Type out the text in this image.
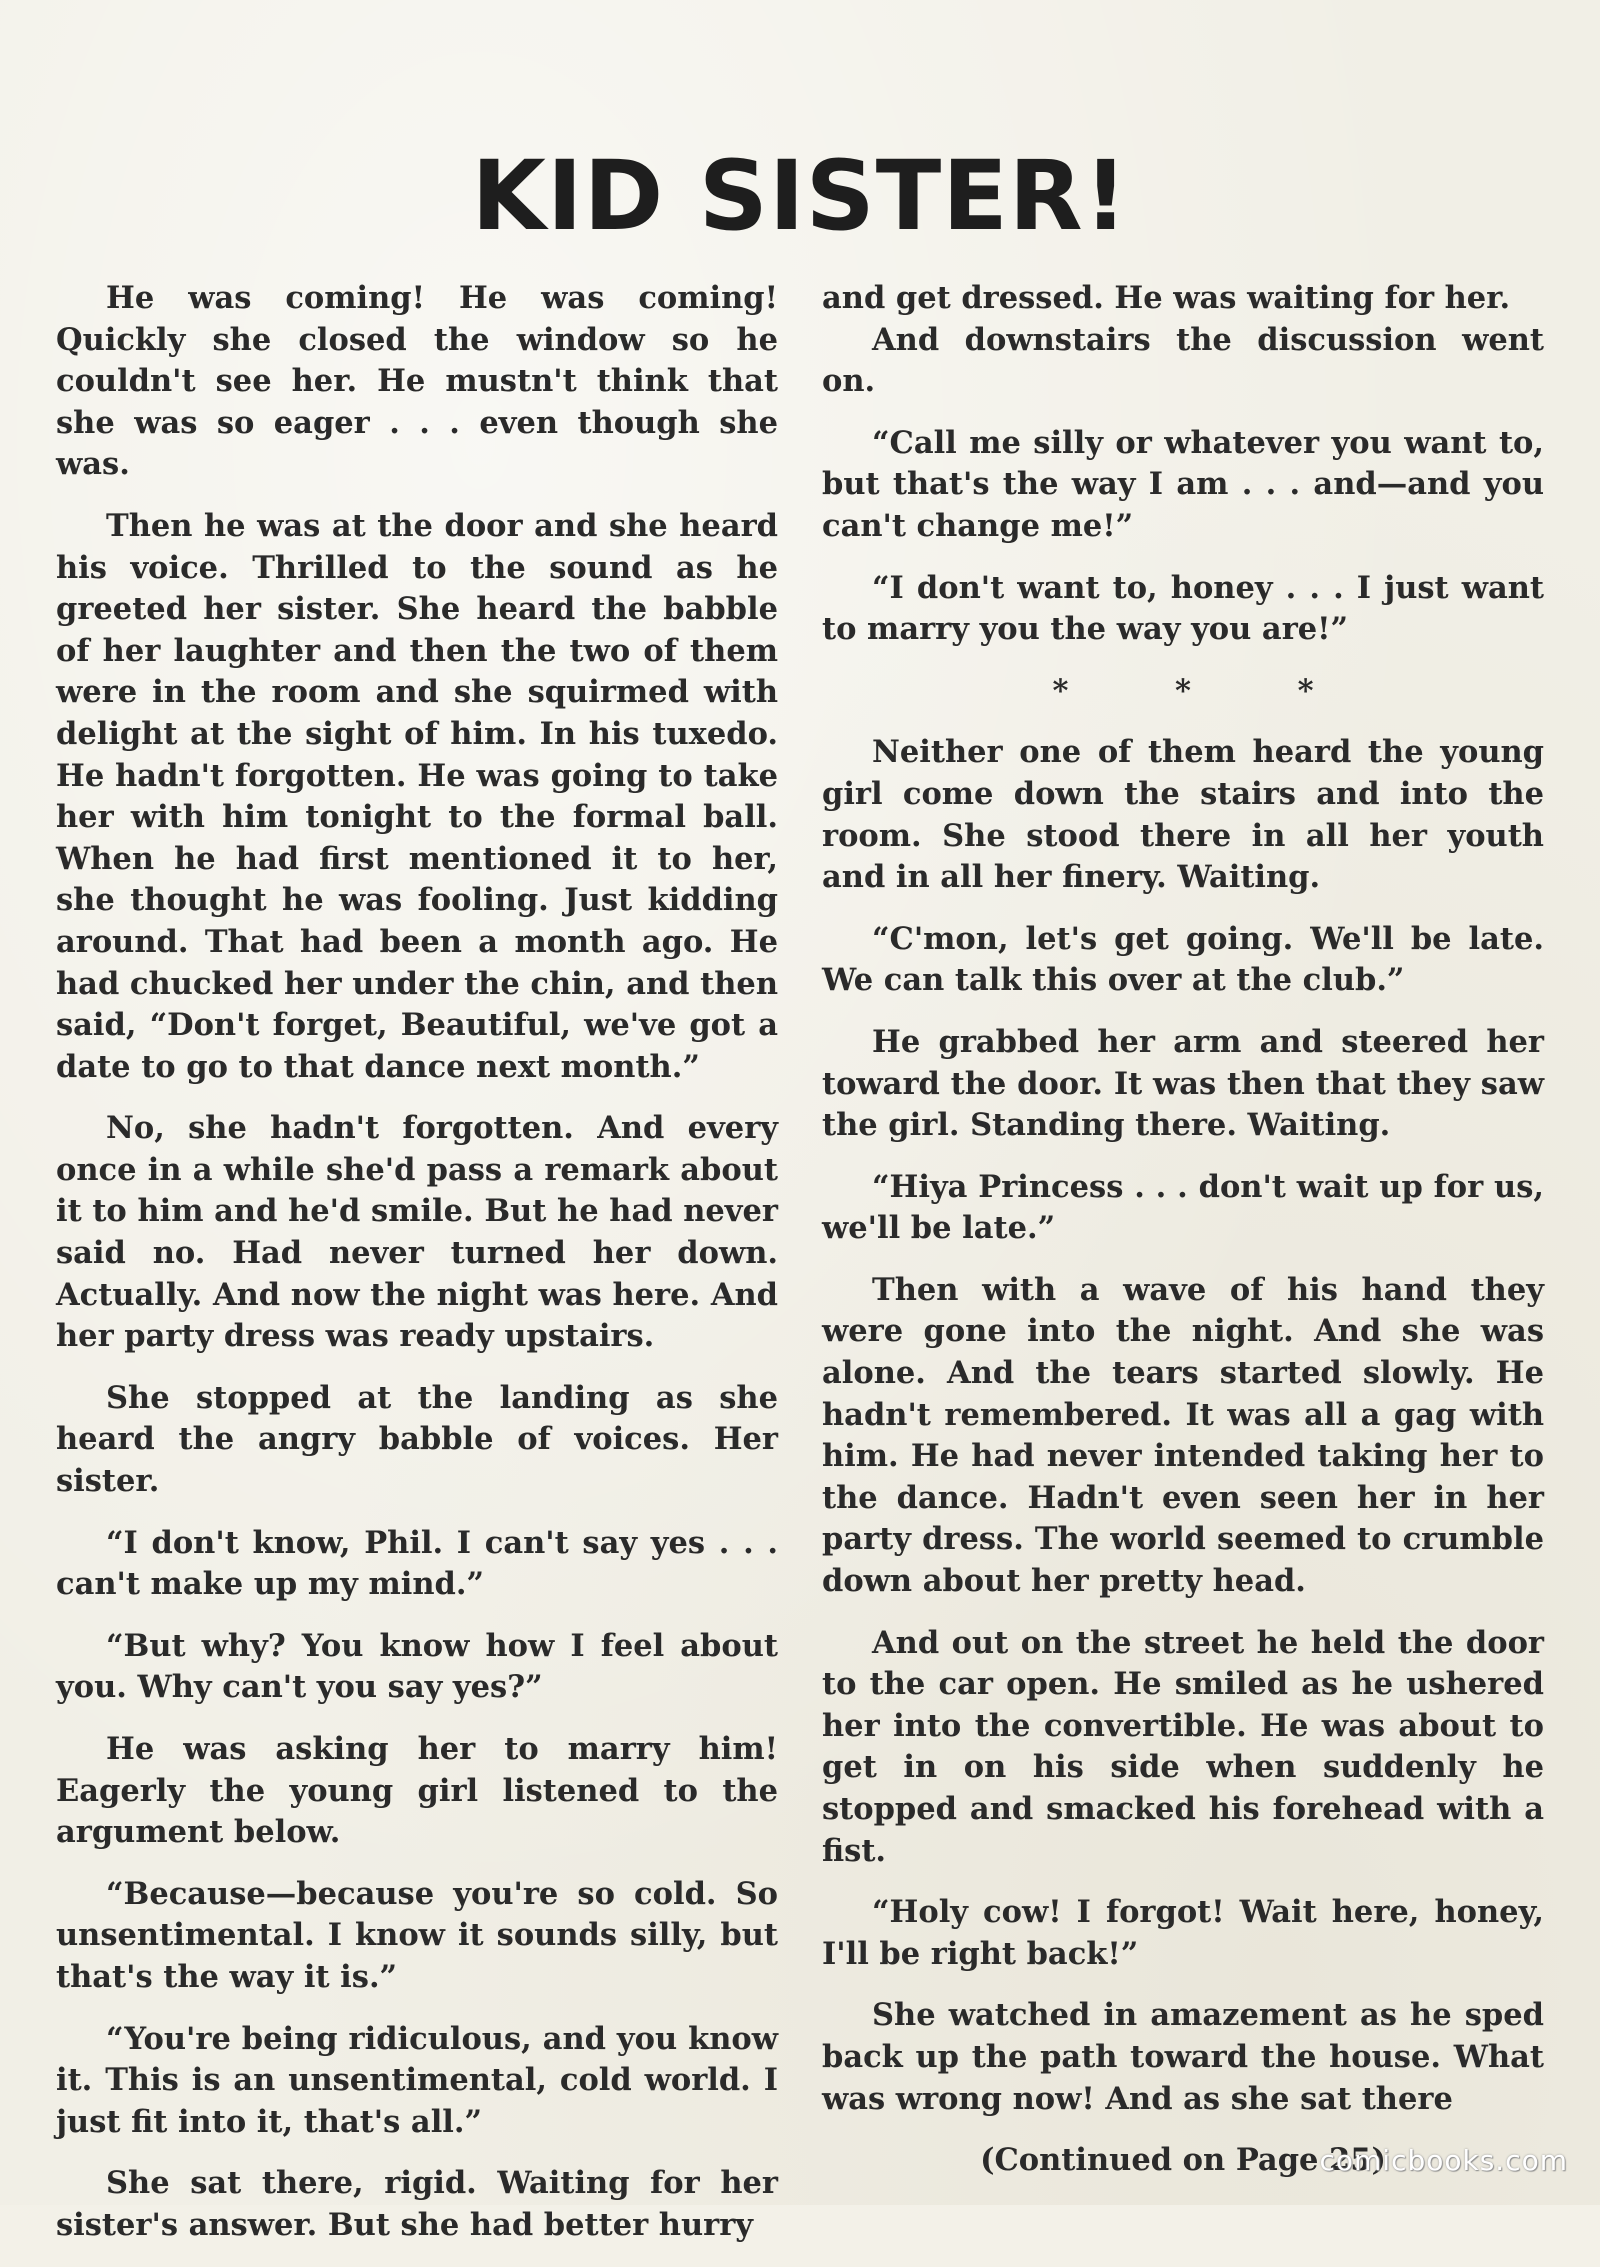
KID SISTER!

He was coming! He was coming! Quickly she closed the window so he couldn't see her. He mustn't think that she was so eager . . . even though she was.

Then he was at the door and she heard his voice. Thrilled to the sound as he greeted her sister. She heard the babble of her laughter and then the two of them were in the room and she squirmed with delight at the sight of him. In his tuxedo. He hadn't forgotten. He was going to take her with him tonight to the formal ball. When he had first mentioned it to her, she thought he was fooling. Just kidding around. That had been a month ago. He had chucked her under the chin, and then said, “Don't forget, Beautiful, we've got a date to go to that dance next month.”

No, she hadn't forgotten. And every once in a while she'd pass a remark about it to him and he'd smile. But he had never said no. Had never turned her down. Actually. And now the night was here. And her party dress was ready upstairs.

She stopped at the landing as she heard the angry babble of voices. Her sister.

“I don't know, Phil. I can't say yes . . . can't make up my mind.”

“But why? You know how I feel about you. Why can't you say yes?”

He was asking her to marry him! Eagerly the young girl listened to the argument below.

“Because—because you're so cold. So unsentimental. I know it sounds silly, but that's the way it is.”

“You're being ridiculous, and you know it. This is an unsentimental, cold world. I just fit into it, that's all.”

She sat there, rigid. Waiting for her sister's answer. But she had better hurry

and get dressed. He was waiting for her.

And downstairs the discussion went on.

“Call me silly or whatever you want to, but that's the way I am . . . and—and you can't change me!”

“I don't want to, honey . . . I just want to marry you the way you are!”

* * *

Neither one of them heard the young girl come down the stairs and into the room. She stood there in all her youth and in all her finery. Waiting.

“C'mon, let's get going. We'll be late. We can talk this over at the club.”

He grabbed her arm and steered her toward the door. It was then that they saw the girl. Standing there. Waiting.

“Hiya Princess . . . don't wait up for us, we'll be late.”

Then with a wave of his hand they were gone into the night. And she was alone. And the tears started slowly. He hadn't remembered. It was all a gag with him. He had never intended taking her to the dance. Hadn't even seen her in her party dress. The world seemed to crumble down about her pretty head.

And out on the street he held the door to the car open. He smiled as he ushered her into the convertible. He was about to get in on his side when suddenly he stopped and smacked his forehead with a fist.

“Holy cow! I forgot! Wait here, honey, I'll be right back!”

She watched in amazement as he sped back up the path toward the house. What was wrong now! And as she sat there

(Continued on Page 25)

comicbooks.com
